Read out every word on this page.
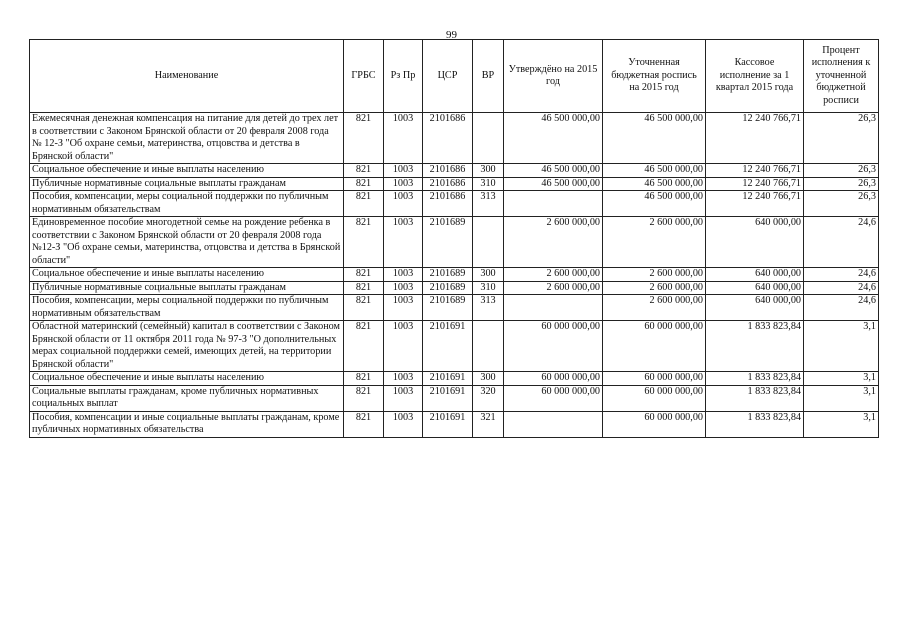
99
Наименование	ГРБС	Рз Пр	ЦСР	ВР	Утверждёно на 2015 год	Уточненная бюджетная роспись на 2015 год	Кассовое исполнение за 1 квартал 2015 года	Процент исполнения к уточненной бюджетной росписи
Ежемесячная денежная компенсация на питание для детей до трех лет в соответствии с Законом Брянской области от 20 февраля 2008 года № 12-З "Об охране семьи, материнства, отцовства и детства в Брянской области"	821	1003	2101686		46 500 000,00	46 500 000,00	12 240 766,71	26,3
Социальное обеспечение и иные выплаты населению	821	1003	2101686	300	46 500 000,00	46 500 000,00	12 240 766,71	26,3
Публичные нормативные социальные выплаты гражданам	821	1003	2101686	310	46 500 000,00	46 500 000,00	12 240 766,71	26,3
Пособия, компенсации, меры социальной поддержки по публичным нормативным обязательствам	821	1003	2101686	313		46 500 000,00	12 240 766,71	26,3
Единовременное пособие многодетной семье на рождение ребенка в соответствии с Законом Брянской области от 20 февраля 2008 года №12-З "Об охране семьи, материнства, отцовства и детства в Брянской области"	821	1003	2101689		2 600 000,00	2 600 000,00	640 000,00	24,6
Социальное обеспечение и иные выплаты населению	821	1003	2101689	300	2 600 000,00	2 600 000,00	640 000,00	24,6
Публичные нормативные социальные выплаты гражданам	821	1003	2101689	310	2 600 000,00	2 600 000,00	640 000,00	24,6
Пособия, компенсации, меры социальной поддержки по публичным нормативным обязательствам	821	1003	2101689	313		2 600 000,00	640 000,00	24,6
Областной материнский (семейный) капитал в соответствии с Законом Брянской области от 11 октября 2011 года № 97-З "О дополнительных мерах социальной поддержки семей, имеющих детей, на территории Брянской области"	821	1003	2101691		60 000 000,00	60 000 000,00	1 833 823,84	3,1
Социальное обеспечение и иные выплаты населению	821	1003	2101691	300	60 000 000,00	60 000 000,00	1 833 823,84	3,1
Социальные выплаты гражданам, кроме публичных нормативных социальных выплат	821	1003	2101691	320	60 000 000,00	60 000 000,00	1 833 823,84	3,1
Пособия, компенсации и иные социальные выплаты гражданам, кроме публичных нормативных обязательства	821	1003	2101691	321		60 000 000,00	1 833 823,84	3,1
